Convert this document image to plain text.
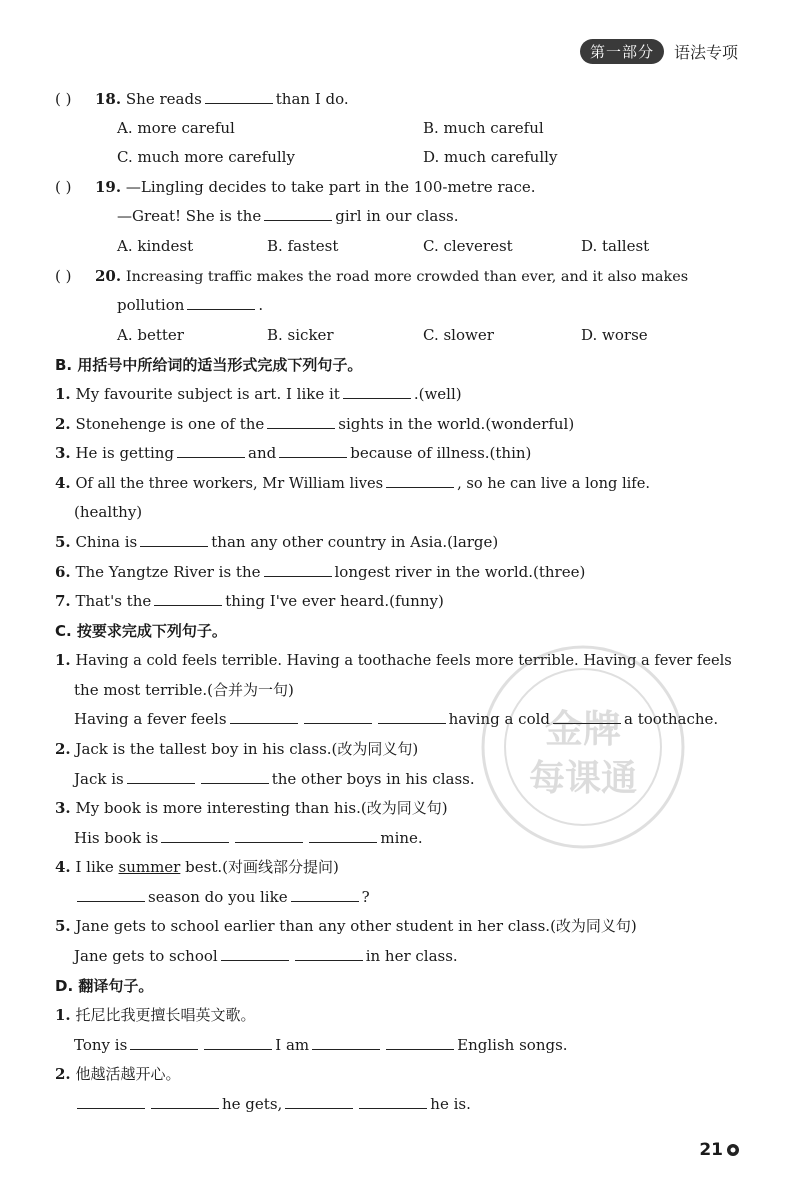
第一部分	语法专项
( ) 18. She reads	than I do.
A. more careful	B. much careful
C. much more carefully	D. much carefully
( ) 19. —Lingling decides to take part in the 100-metre race.
—Great! She is the	girl in our class.
A. kindest	B. fastest	C. cleverest	D. tallest
( ) 20. Increasing traffic makes the road more crowded than ever, and it also makes
pollution	.
A. better	B. sicker	C. slower	D. worse
B. 用括号中所给词的适当形式完成下列句子。
1. My favourite subject is art. I like it	.(well)
2. Stonehenge is one of the	sights in the world.(wonderful)
3. He is getting	and	because of illness.(thin)
4. Of all the three workers, Mr William lives	, so he can live a long life.
(healthy)
5. China is	than any other country in Asia.(large)
6. The Yangtze River is the	longest river in the world.(three)
7. That's the	thing I've ever heard.(funny)
C. 按要求完成下列句子。
1. Having a cold feels terrible. Having a toothache feels more terrible. Having a fever feels
the most terrible.(合并为一句)
Having a fever feels	having a cold	a toothache.
2. Jack is the tallest boy in his class.(改为同义句)
Jack is	the other boys in his class.
3. My book is more interesting than his.(改为同义句)
His book is	mine.
4. I like summer best.(对画线部分提问)
season do you like	?
5. Jane gets to school earlier than any other student in her class.(改为同义句)
Jane gets to school	in her class.
D. 翻译句子。
1. 托尼比我更擅长唱英文歌。
Tony is	I am	English songs.
2. 他越活越开心。
he gets,	he is.
金牌
每课通
21
